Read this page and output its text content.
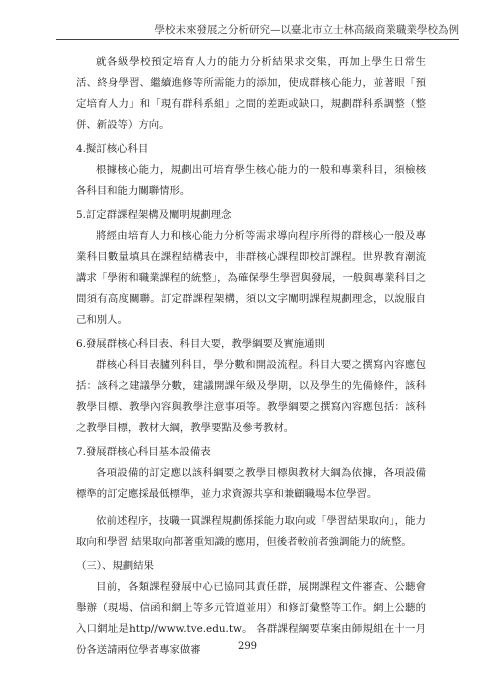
學校未來發展之分析研究—以臺北市立士林高級商業職業學校為例

就各級學校預定培育人力的能力分析結果求交集，再加上學生日常生活、終身學習、繼續進修等所需能力的添加，使成群核心能力，並著眼「預定培育人力」和「現有群科系組」之間的差距或缺口，規劃群科系調整（整併、新設等）方向。

4.擬訂核心科目

根據核心能力，規劃出可培育學生核心能力的一般和專業科目，須檢核各科目和能力關聯情形。

5.訂定群課程架構及闡明規劃理念

將經由培育人力和核心能力分析等需求導向程序所得的群核心一般及專業科目數量填具在課程結構表中，非群核心課程即校訂課程。世界教育潮流講求「學術和職業課程的統整」，為確保學生學習與發展，一般與專業科目之間須有高度關聯。訂定群課程架構，須以文字闡明課程規劃理念，以說服自己和別人。

6.發展群核心科目表、科目大要，教學綱要及實施通則

群核心科目表臚列科目，學分數和開設流程。科目大要之撰寫內容應包括：該科之建議學分數，建議開課年級及學期，以及學生的先備條件，該科教學目標、教學內容與教學注意事項等。教學綱要之撰寫內容應包括：該科之教學目標，教材大綱，教學要點及參考教材。

7.發展群核心科目基本設備表

各項設備的訂定應以該科綱要之教學目標與教材大綱為依據，各項設備標準的訂定應採最低標準，並力求資源共享和兼顧職場本位學習。

依前述程序，技職一貫課程規劃係採能力取向或「學習結果取向」，能力取向和學習 結果取向都著重知識的應用，但後者較前者強調能力的統整。

（三）、規劃結果

目前，各類課程發展中心已協同其責任群，展開課程文件審查、公聽會舉辦（現場、信函和網上等多元管道並用）和修訂彙整等工作。網上公聽的入口網址是http//www.tve.edu.tw。 各群課程綱要草案由師規組在十一月份各送請兩位學者專家做審	299
